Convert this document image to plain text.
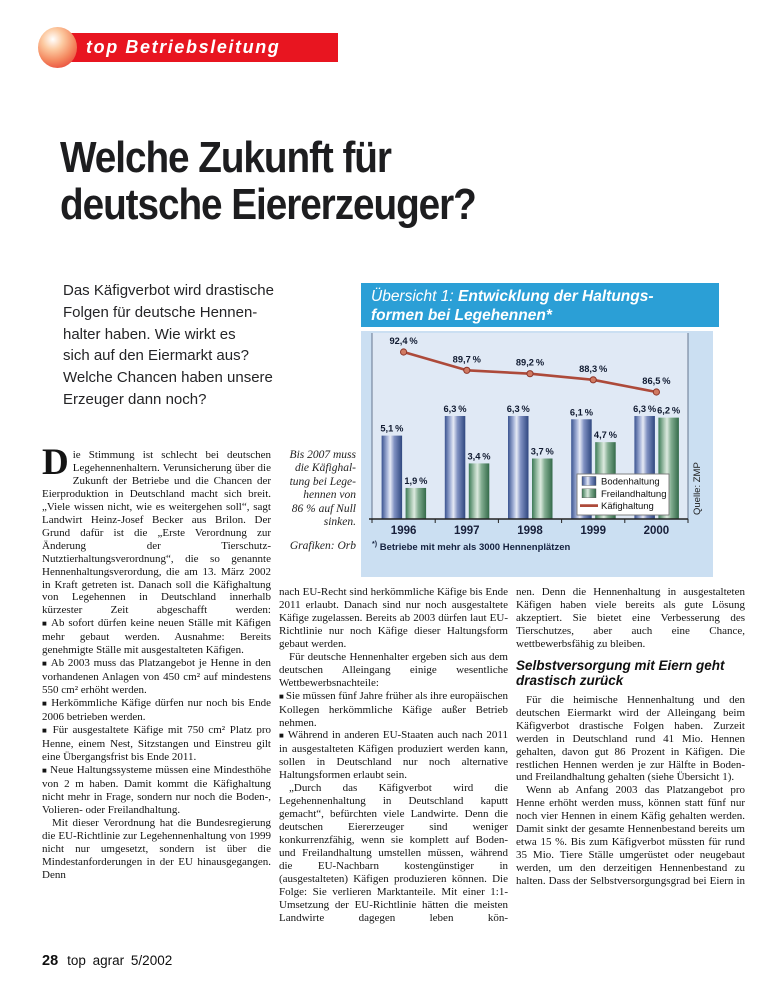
top Betriebsleitung
Welche Zukunft für
deutsche Eiererzeuger?
Das Käfigverbot wird drastische
Folgen für deutsche Hennen-
halter haben. Wie wirkt es
sich auf den Eiermarkt aus?
Welche Chancen haben unsere
Erzeuger dann noch?
Übersicht 1: Entwicklung der Haltungs-
formen bei Legehennen*
*) Betriebe mit mehr als 3000 Hennenplätzen
5,1 %
6,3 %	6,3 %	6,1 %	6,3 %
1,9 %
3,4 %	3,7 %
4,7 %
6,2 %
92,4 %
89,7 %	89,2 %
88,3 %
86,5 %
1996	1997	1998	1999	2000
Bodenhaltung
Freilandhaltung
Käfighaltung	Quelle: ZMP
Bis 2007 muss
die Käfighal-
tung bei Lege-
hennen von
86 % auf Null
sinken.
Grafiken: Orb

Die Stimmung ist schlecht bei deutschen Legehennenhaltern. Verunsicherung über die Zukunft der Betriebe und die Chancen der Eierproduktion in Deutschland macht sich breit. „Viele wissen nicht, wie es weitergehen soll“, sagt Landwirt Heinz-Josef Becker aus Brilon. Der Grund dafür ist die „Erste Verordnung zur Änderung der Tierschutz-Nutztierhaltungsverordnung“, die so genannte Hennenhaltungsverordung, die am 13. März 2002 in Kraft getreten ist. Danach soll die Käfighaltung von Legehennen in Deutschland innerhalb kürzester Zeit abgeschafft werden:

■ Ab sofort dürfen keine neuen Ställe mit Käfigen mehr gebaut werden. Ausnahme: Bereits genehmigte Ställe mit ausgestalteten Käfigen.

■ Ab 2003 muss das Platzangebot je Henne in den vorhandenen Anlagen von 450 cm² auf mindestens 550 cm² erhöht werden.

■ Herkömmliche Käfige dürfen nur noch bis Ende 2006 betrieben werden.

■ Für ausgestaltete Käfige mit 750 cm² Platz pro Henne, einem Nest, Sitzstangen und Einstreu gilt eine Übergangsfrist bis Ende 2011.

■ Neue Haltungssysteme müssen eine Mindesthöhe von 2 m haben. Damit kommt die Käfighaltung nicht mehr in Frage, sondern nur noch die Boden-, Volieren- oder Freilandhaltung.

Mit dieser Verordnung hat die Bundesregierung die EU-Richtlinie zur Legehennenhaltung von 1999 nicht nur umgesetzt, sondern ist über die Mindestanforderungen in der EU hinausgegangen. Denn

nach EU-Recht sind herkömmliche Käfige bis Ende 2011 erlaubt. Danach sind nur noch ausgestaltete Käfige zugelassen. Bereits ab 2003 dürfen laut EU-Richtlinie nur noch Käfige dieser Haltungsform gebaut werden.

Für deutsche Hennenhalter ergeben sich aus dem deutschen Alleingang einige wesentliche Wettbewerbsnachteile:

■ Sie müssen fünf Jahre früher als ihre europäischen Kollegen herkömmliche Käfige außer Betrieb nehmen.

■ Während in anderen EU-Staaten auch nach 2011 in ausgestalteten Käfigen produziert werden kann, sollen in Deutschland nur noch alternative Haltungsformen erlaubt sein.

„Durch das Käfigverbot wird die Legehennenhaltung in Deutschland kaputt gemacht“, befürchten viele Landwirte. Denn die deutschen Eiererzeuger sind weniger konkurrenzfähig, wenn sie komplett auf Boden- und Freilandhaltung umstellen müssen, während die EU-Nachbarn kostengünstiger in (ausgestalteten) Käfigen produzieren können. Die Folge: Sie verlieren Marktanteile. Mit einer 1:1-Umsetzung der EU-Richtlinie hätten die meisten Landwirte dagegen leben kön-

nen. Denn die Hennenhaltung in ausgestalteten Käfigen haben viele bereits als gute Lösung akzeptiert. Sie bietet eine Verbesserung des Tierschutzes, aber auch eine Chance, wettbewerbsfähig zu bleiben.

Selbstversorgung mit Eiern geht drastisch zurück

Für die heimische Hennenhaltung und den deutschen Eiermarkt wird der Alleingang beim Käfigverbot drastische Folgen haben. Zurzeit werden in Deutschland rund 41 Mio. Hennen gehalten, davon gut 86 Prozent in Käfigen. Die restlichen Hennen werden je zur Hälfte in Boden- und Freilandhaltung gehalten (siehe Übersicht 1).

Wenn ab Anfang 2003 das Platzangebot pro Henne erhöht werden muss, können statt fünf nur noch vier Hennen in einem Käfig gehalten werden. Damit sinkt der gesamte Hennenbestand bereits um etwa 15 %. Bis zum Käfigverbot müssten für rund 35 Mio. Tiere Ställe umgerüstet oder neugebaut werden, um den derzeitigen Hennenbestand zu halten. Dass der Selbstversorgungsgrad bei Eiern in

28 top agrar 5/2002
